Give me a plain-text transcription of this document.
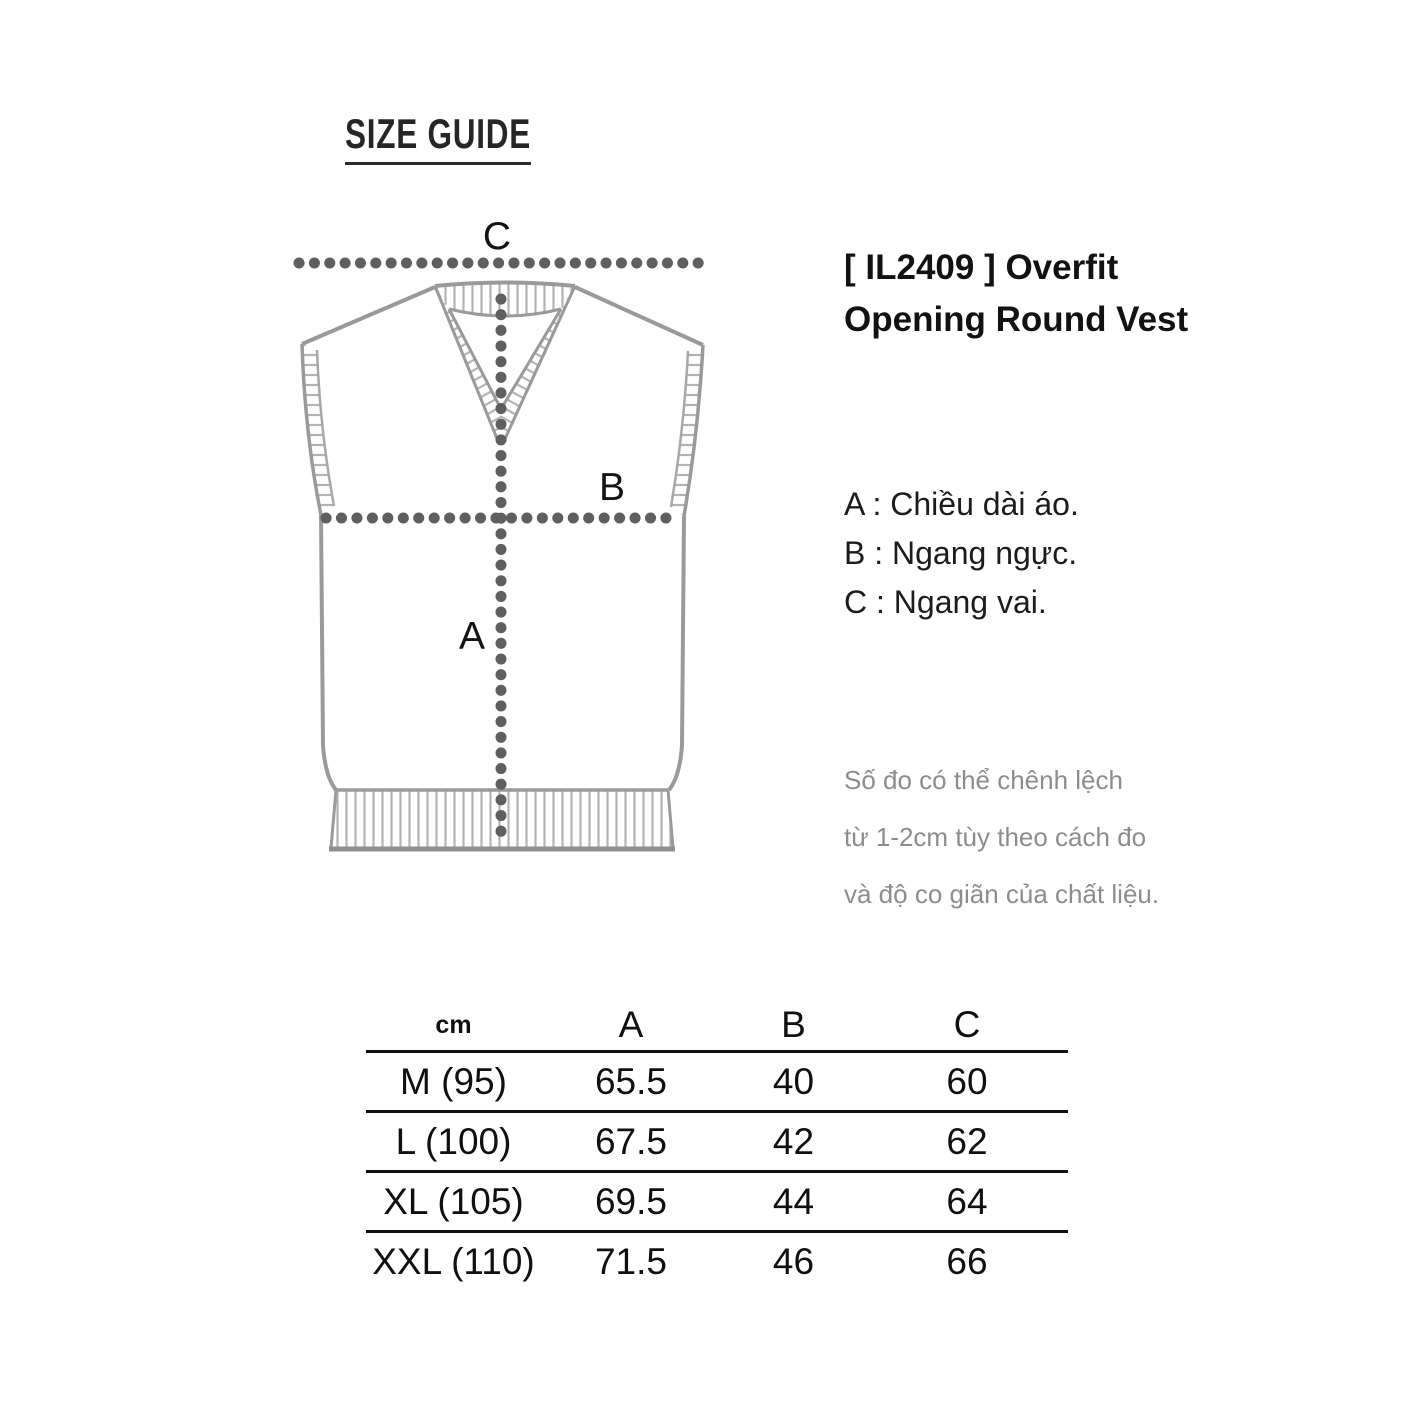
SIZE GUIDE
C
B
A
[ IL2409 ] Overfit
Opening Round Vest
A : Chiều dài áo.
B : Ngang ngực.
C : Ngang vai.
Số đo có thể chênh lệch
từ 1-2cm tùy theo cách đo
và độ co giãn của chất liệu.
cm	A	B	C
M (95)	65.5	40	60
L (100)	67.5	42	62
XL (105)	69.5	44	64
XXL (110)	71.5	46	66
